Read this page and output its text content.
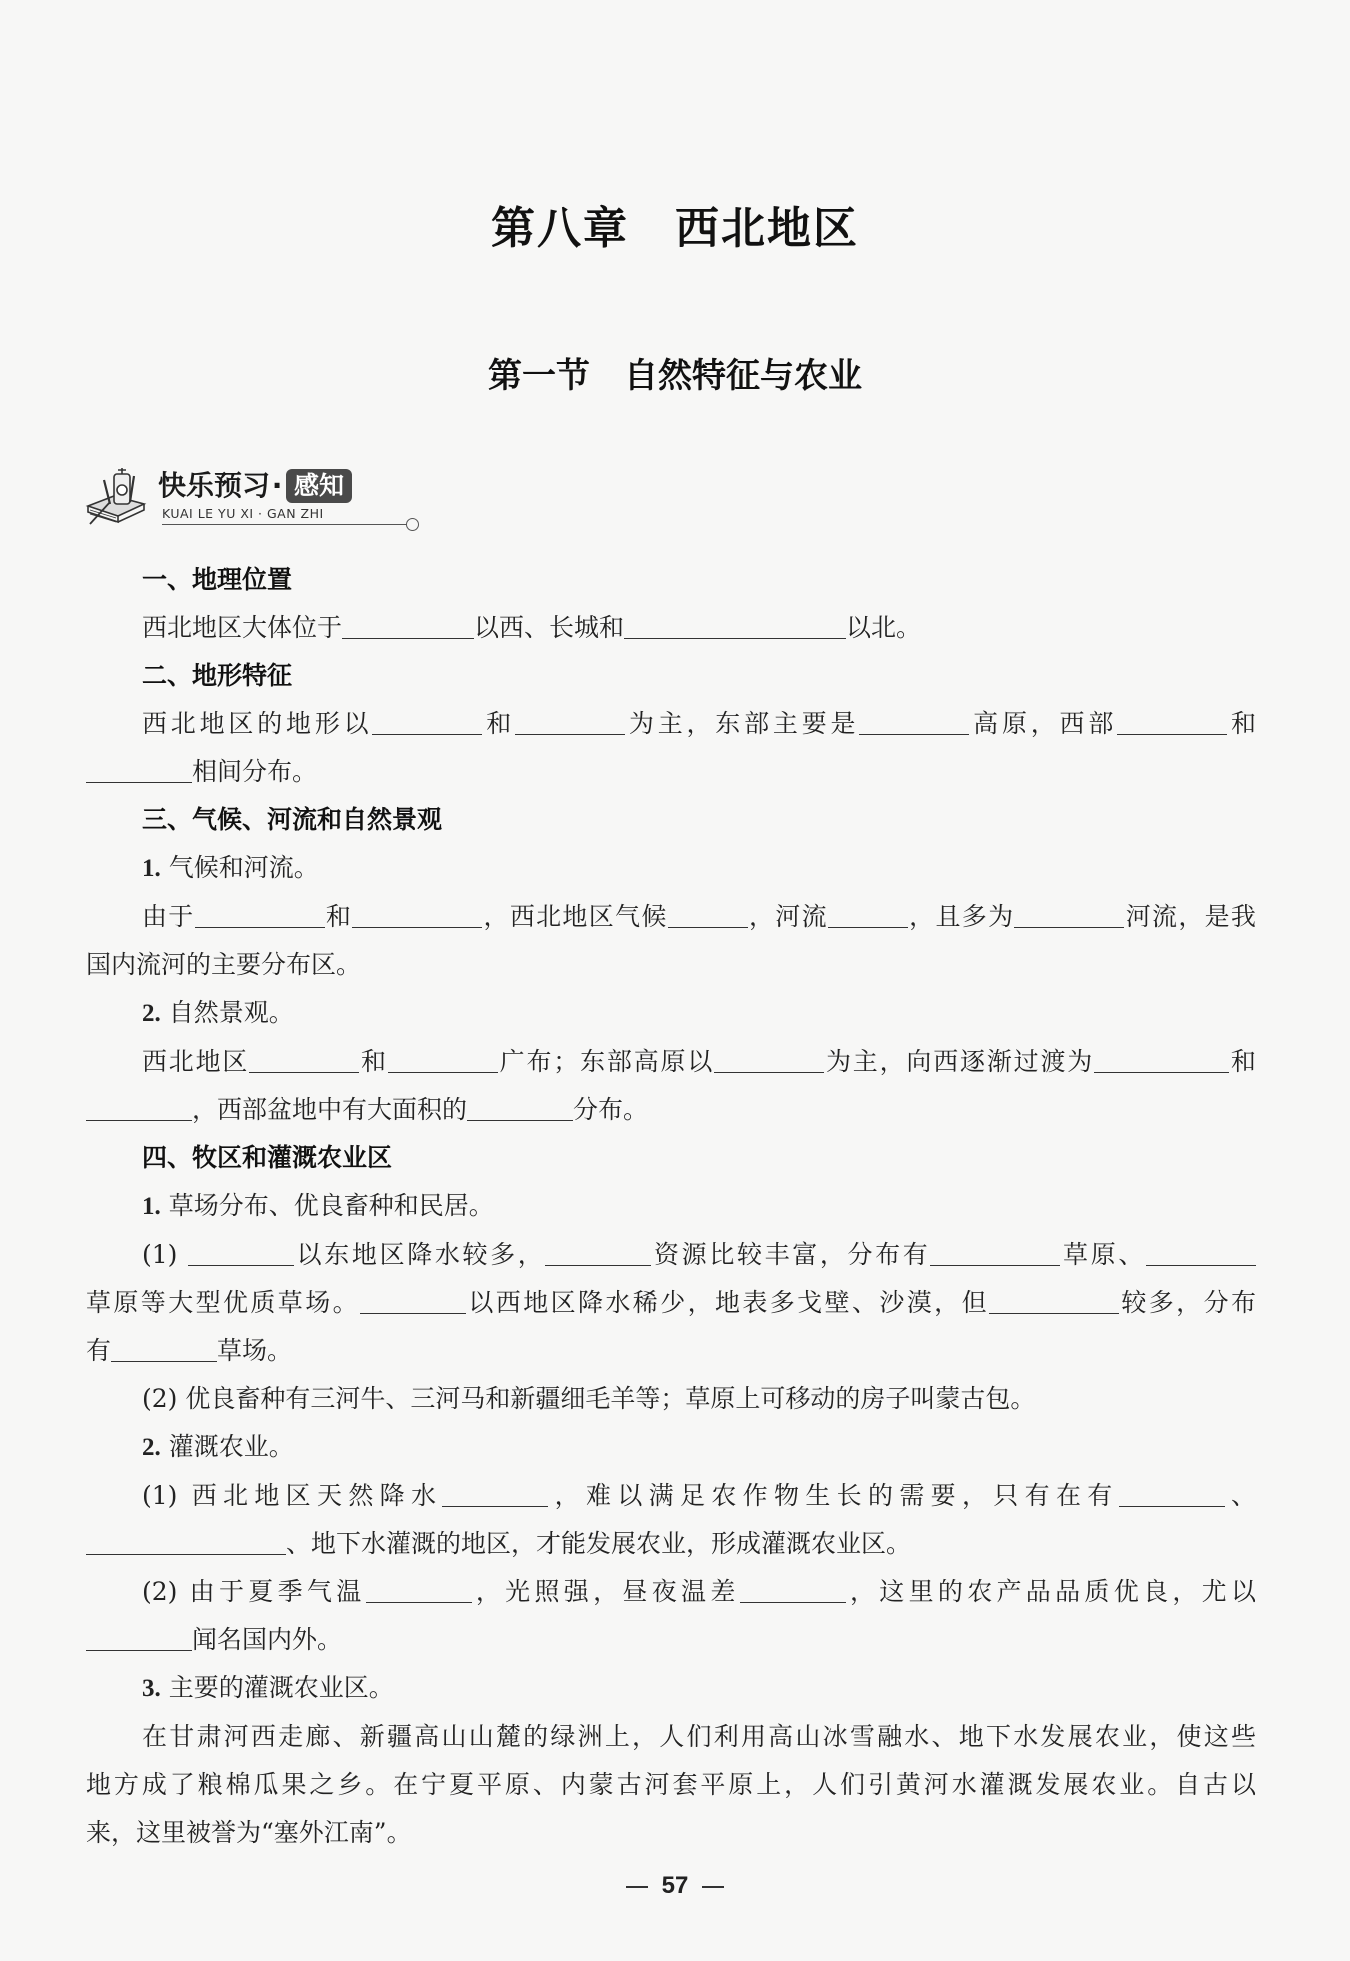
第八章 西北地区
第一节 自然特征与农业
快乐预习· 感知
KUAI LE YU XI · GAN ZHI
一、地理位置
西北地区大体位于	以西、长城和	以北。
二、地形特征
西北地区的地形以	和	为主，东部主要是	高原，西部	和
相间分布。
三、气候、河流和自然景观
1. 气候和河流。
由于	和	，西北地区气候	，河流	，且多为	河流，是我
国内流河的主要分布区。
2. 自然景观。
西北地区	和	广布；东部高原以	为主，向西逐渐过渡为	和
，西部盆地中有大面积的	分布。
四、牧区和灌溉农业区
1. 草场分布、优良畜种和民居。
(1)	以东地区降水较多，	资源比较丰富，分布有	草原、
草原等大型优质草场。	以西地区降水稀少，地表多戈壁、沙漠，但	较多，分布
有	草场。
(2) 优良畜种有三河牛、三河马和新疆细毛羊等；草原上可移动的房子叫蒙古包。
2. 灌溉农业。
(1) 西北地区天然降水	，难以满足农作物生长的需要，只有在有	、
、地下水灌溉的地区，才能发展农业，形成灌溉农业区。
(2) 由于夏季气温	，光照强，昼夜温差	，这里的农产品品质优良，尤以
闻名国内外。
3. 主要的灌溉农业区。
在甘肃河西走廊、新疆高山山麓的绿洲上，人们利用高山冰雪融水、地下水发展农业，使这些
地方成了粮棉瓜果之乡。在宁夏平原、内蒙古河套平原上，人们引黄河水灌溉发展农业。自古以
来，这里被誉为“塞外江南”。
57
